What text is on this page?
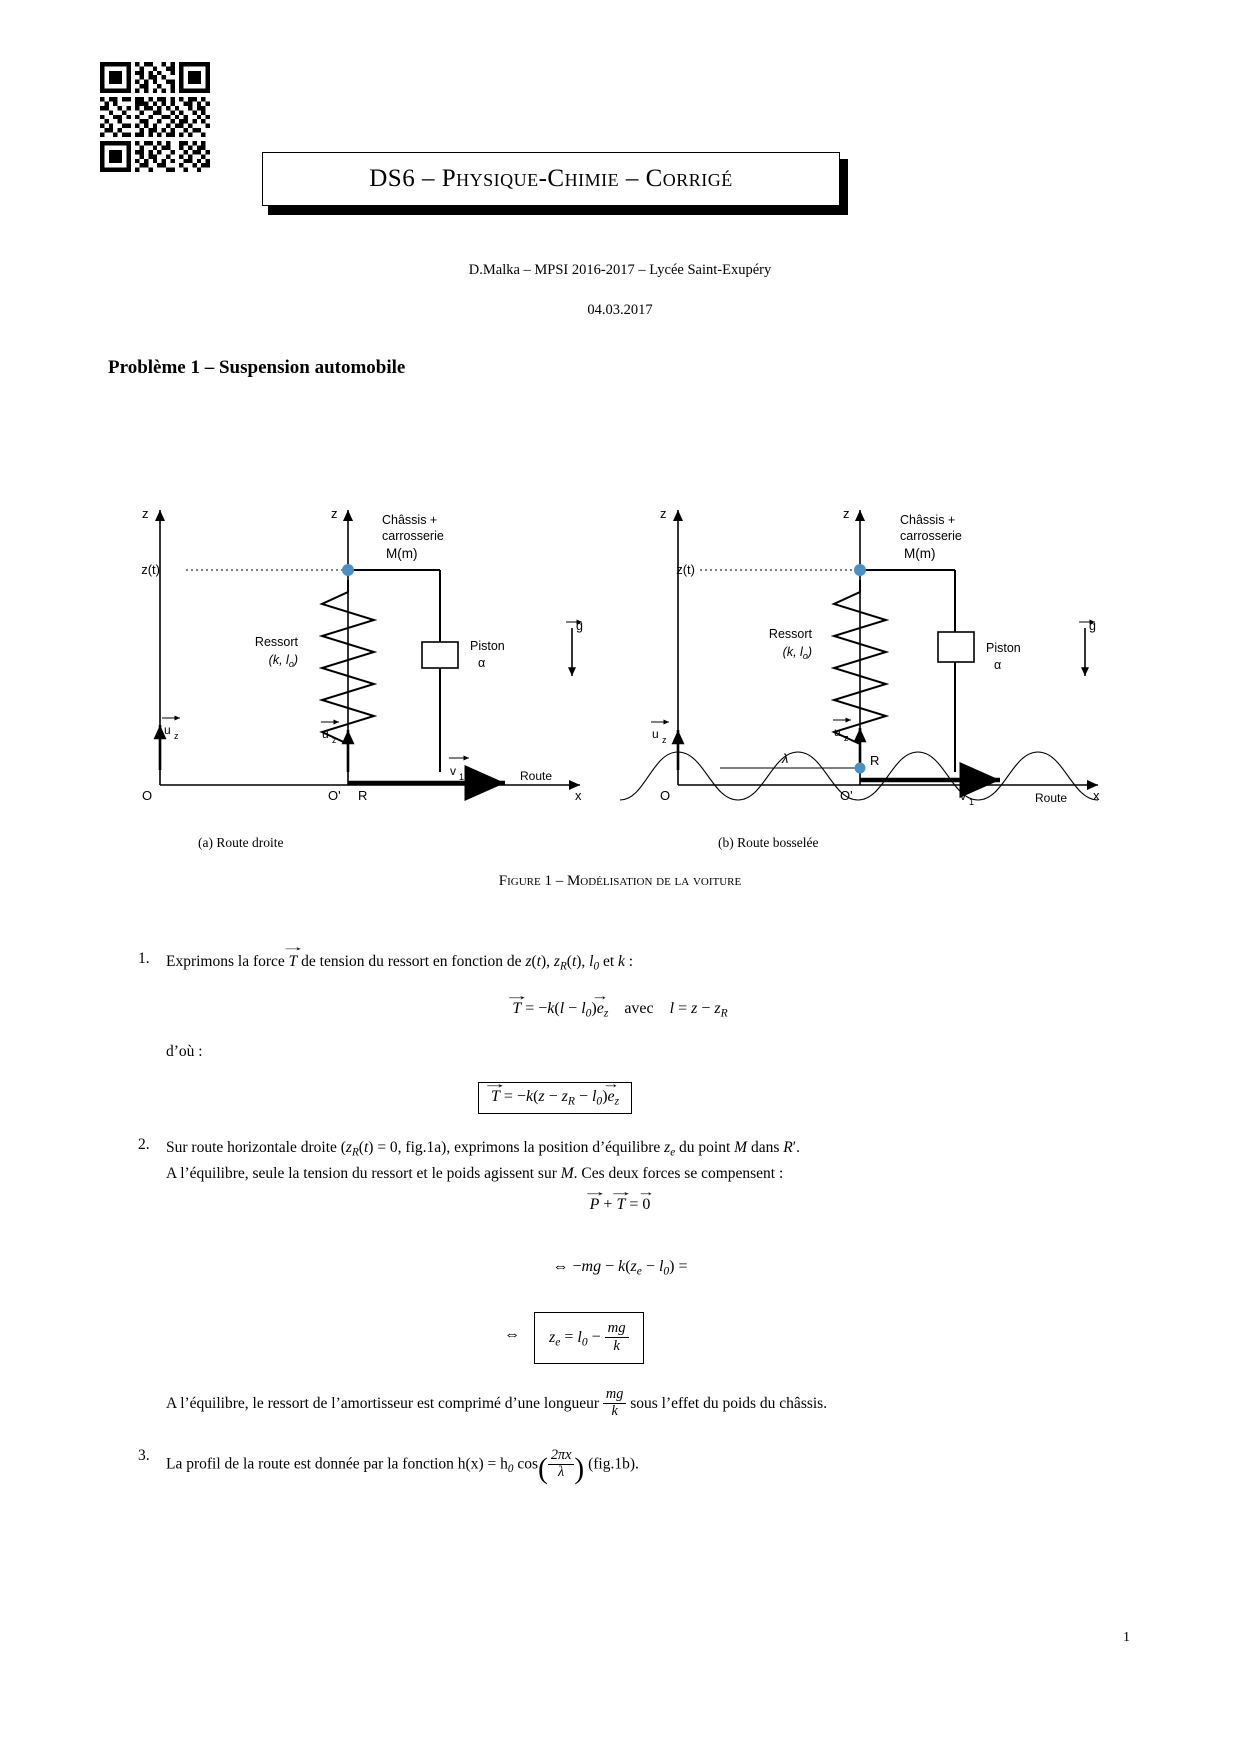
DS6 – Physique-Chimie – Corrigé
D.Malka – MPSI 2016-2017 – Lycée Saint-Exupéry
04.03.2017
Problème 1 – Suspension automobile
z
x
O
Route
u z
z
O'
z(t)
Châssis +
carrosserie
M(m)
Ressort
(k, $l_o$)
Piston
α
g
u z
R
v 1
z
x
O	Route
λ
u z
z
O'
z(t)
Châssis +
carrosserie
M(m)
Ressort
(k, $l_o$)	Piston
α
g
u z
R
v 1
(a) Route droite	(b) Route bosselée
Figure 1 – Modélisation de la voiture
1. Exprimons la force → T de tension du ressort en fonction de z(t), $z_R(t)$, $l_0$ et k :
→ $T = -k(l - l_0)\to e_z$    avec    $l = z - z_R$
d’où :
→ $T = -k(z - z_R - l_0)\to e_z$
2. Sur route horizontale droite ($z_R(t) = 0$, fig.1a), exprimons la position d’équilibre $z_e$ du point M dans R′.
A l’équilibre, seule la tension du ressort et le poids agissent sur M. Ces deux forces se compensent :
→ P + → T = → 0
⇔ $-mg - k(z_e - l_0)$ =
⇔	$z_e = l_0 - \frac{mg}{k}$
A l’équilibre, le ressort de l’amortisseur est comprimé d’une longueur $\frac{mg}{k}$ sous l’effet du poids du châssis.
3.
La profil de la route est donnée par la fonction $h(x) = h_0$ $\cos( \frac{2\pi x}{\lambda}$ ) (fig.1b).
1
